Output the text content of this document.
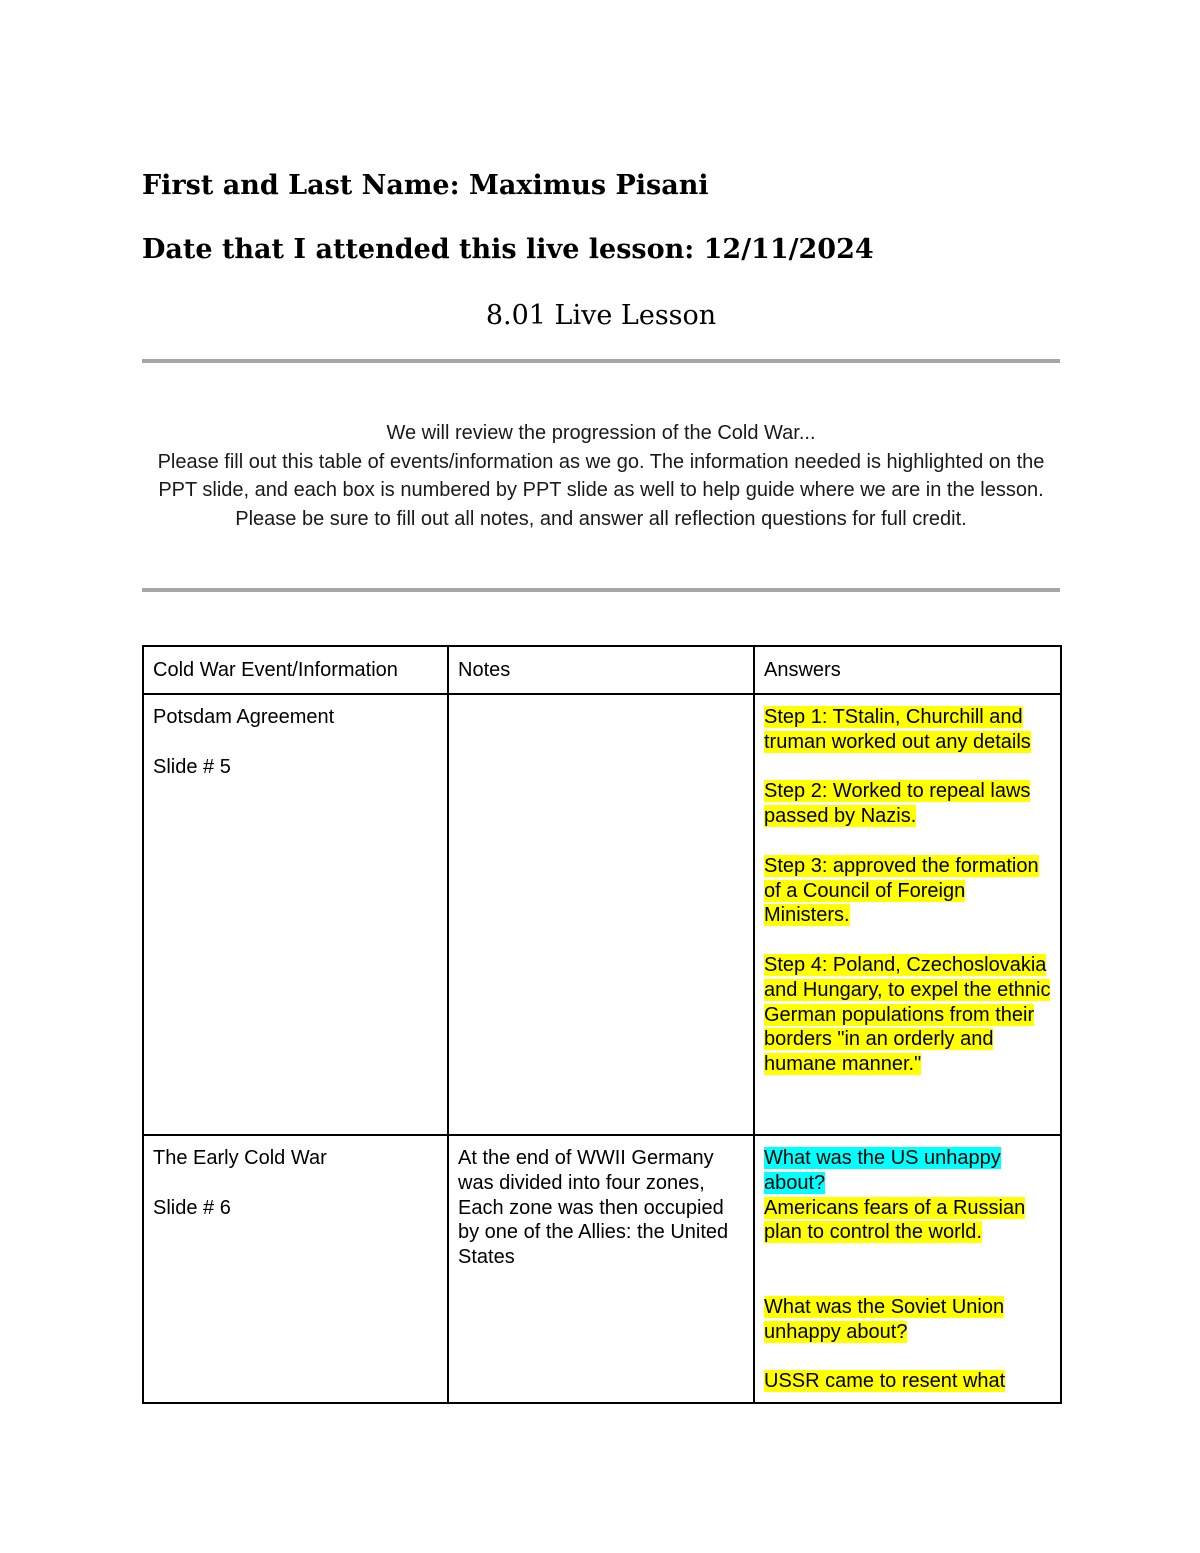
First and Last Name: Maximus Pisani
Date that I attended this live lesson: 12/11/2024
8.01 Live Lesson

We will review the progression of the Cold War...

Please fill out this table of events/information as we go. The information needed is highlighted on the PPT slide, and each box is numbered by PPT slide as well to help guide where we are in the lesson.

Please be sure to fill out all notes, and answer all reflection questions for full credit.

Cold War Event/Information	Notes	Answers

Potsdam Agreement
Slide # 5		Step 1: TStalin, Churchill and truman worked out any details
Step 2: Worked to repeal laws passed by Nazis.
Step 3: approved the formation of a Council of Foreign Ministers.
Step 4: Poland, Czechoslovakia and Hungary, to expel the ethnic German populations from their borders "in an orderly and humane manner."

The Early Cold War
Slide # 6	At the end of WWII Germany was divided into four zones, Each zone was then occupied by one of the Allies: the United States	What was the US unhappy about?
Americans fears of a Russian plan to control the world.
What was the Soviet Union unhappy about?
USSR came to resent what
